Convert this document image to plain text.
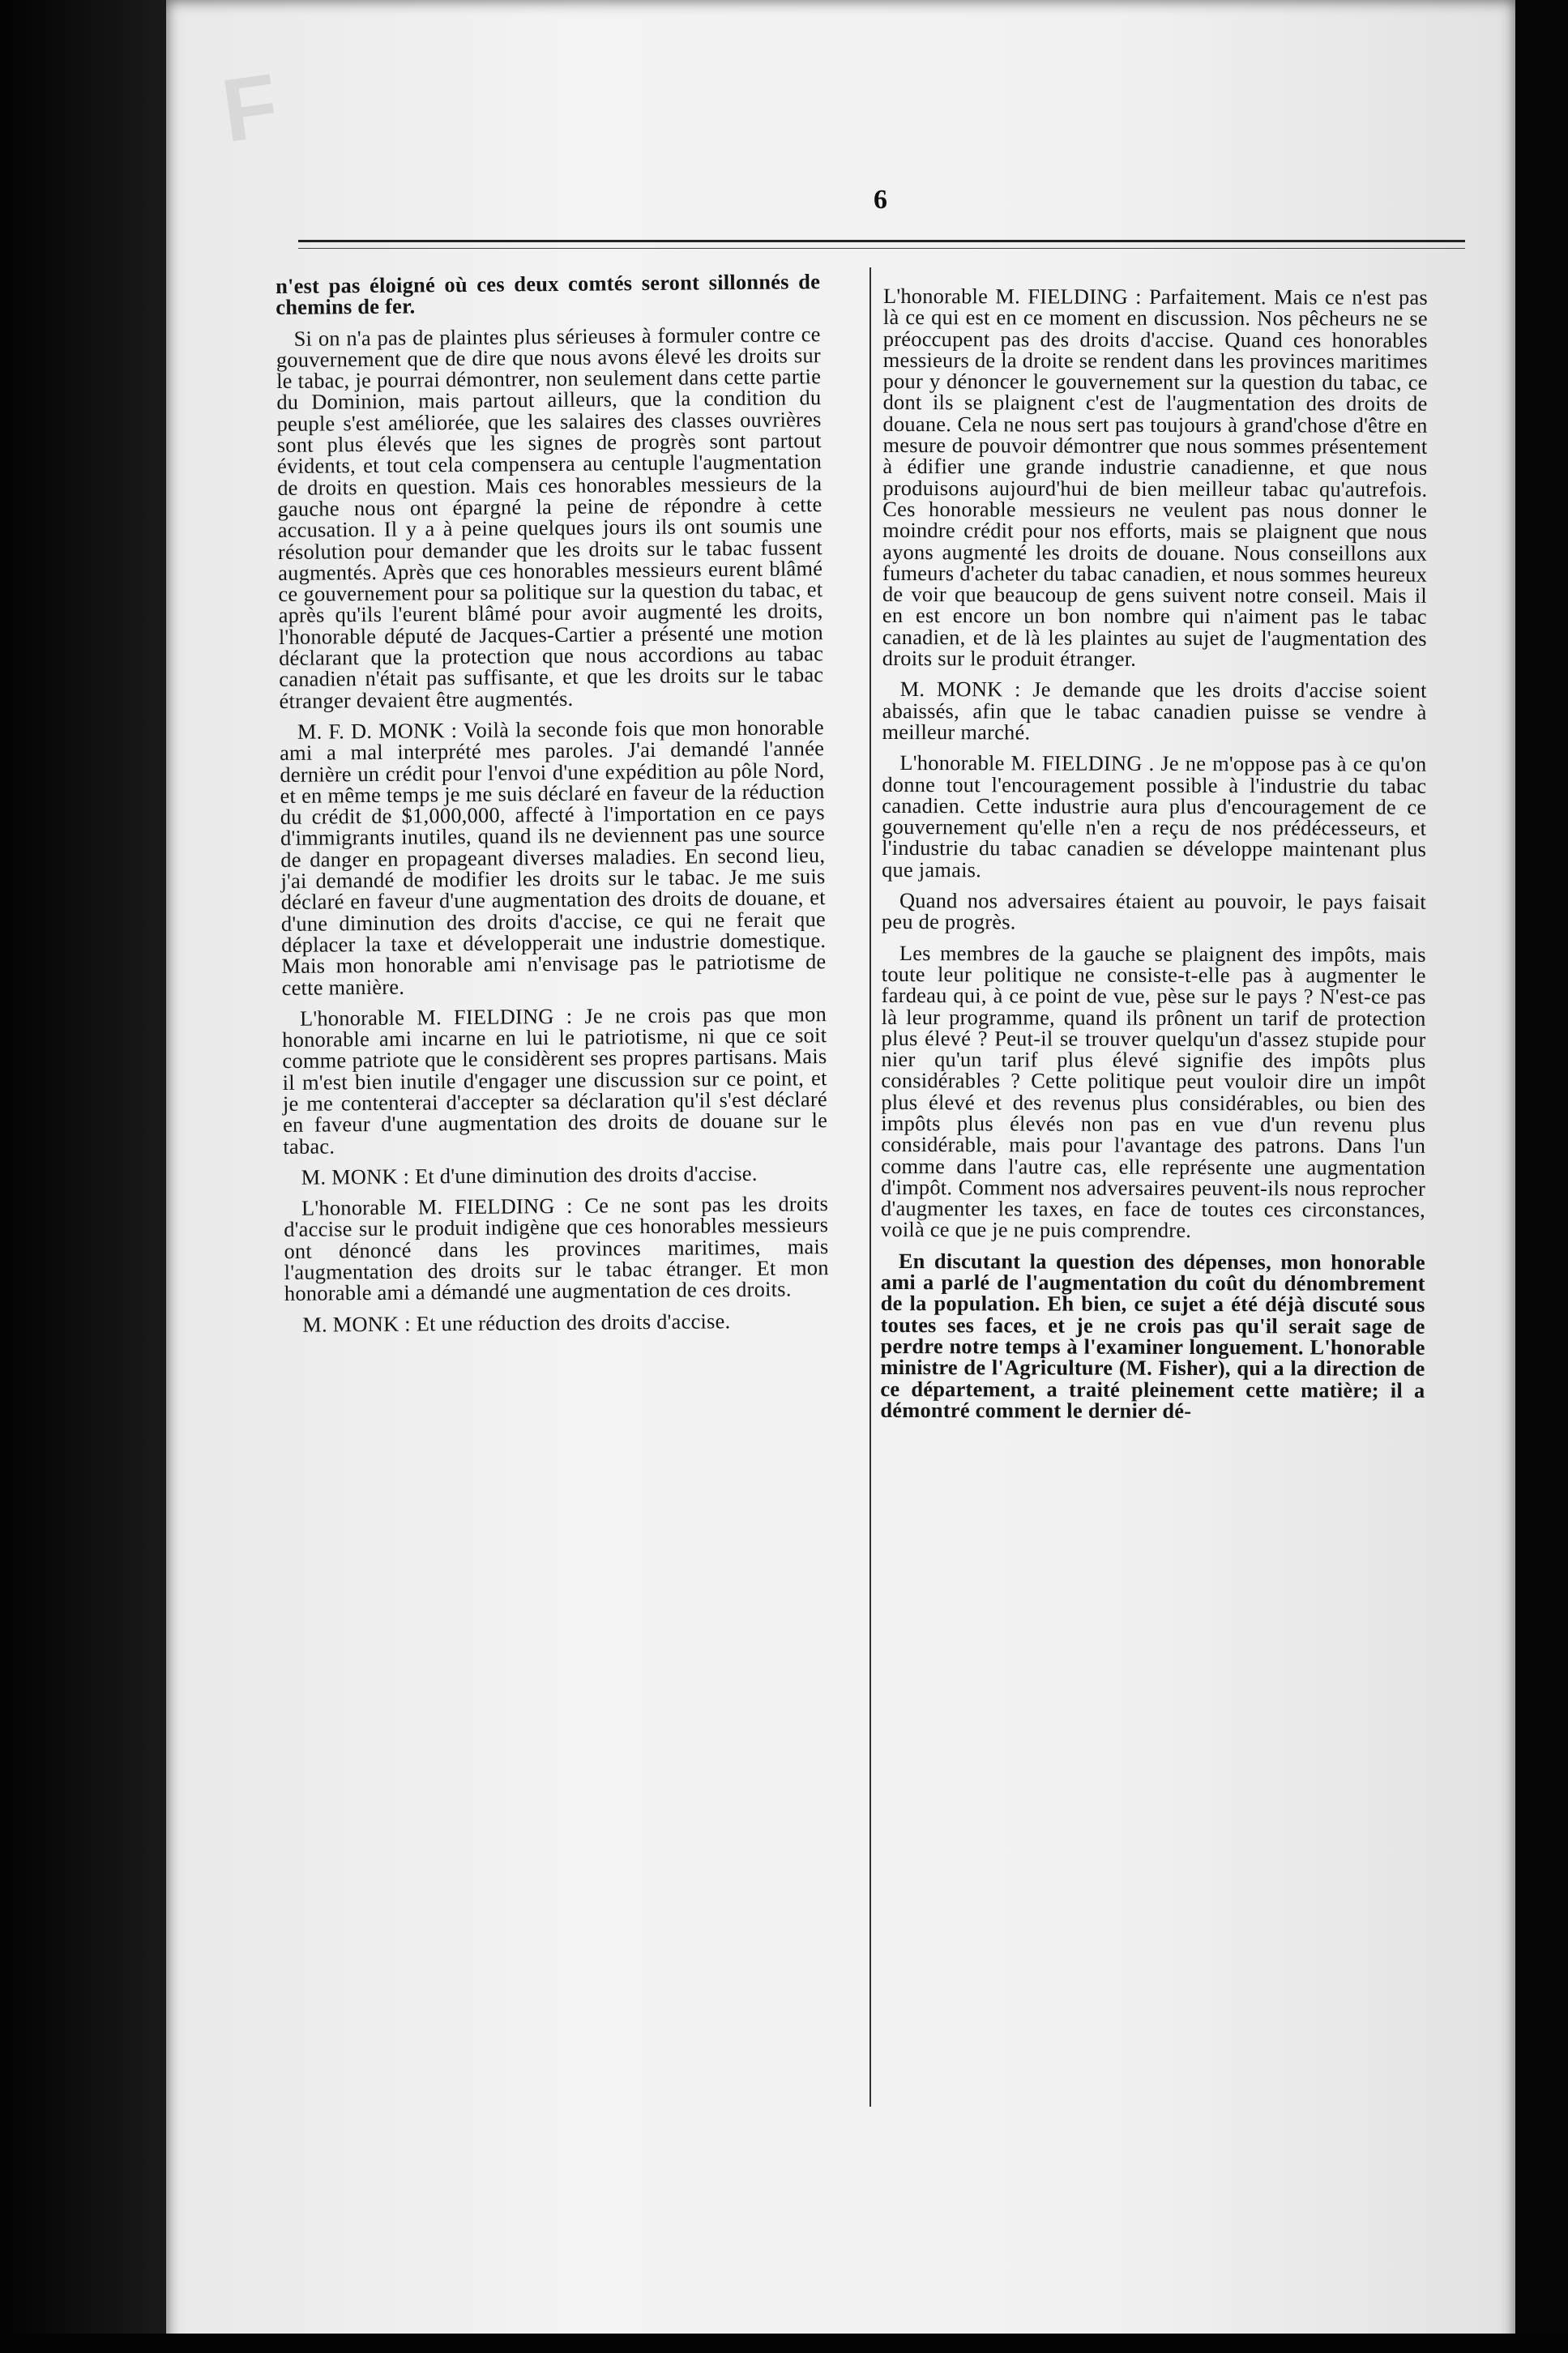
F
6

n'est pas éloigné où ces deux comtés seront sillonnés de chemins de fer.

Si on n'a pas de plaintes plus sérieuses à formuler contre ce gouvernement que de dire que nous avons élevé les droits sur le tabac, je pourrai démontrer, non seulement dans cette partie du Dominion, mais partout ailleurs, que la condition du peuple s'est améliorée, que les salaires des classes ouvrières sont plus élevés que les signes de progrès sont partout évidents, et tout cela compensera au centuple l'augmentation de droits en question. Mais ces honorables messieurs de la gauche nous ont épargné la peine de répondre à cette accusation. Il y a à peine quelques jours ils ont soumis une résolution pour demander que les droits sur le tabac fussent augmentés. Après que ces honorables messieurs eurent blâmé ce gouvernement pour sa politique sur la question du tabac, et après qu'ils l'eurent blâmé pour avoir augmenté les droits, l'honorable député de Jacques-Cartier a présenté une motion déclarant que la protection que nous accordions au tabac canadien n'était pas suffisante, et que les droits sur le tabac étranger devaient être augmentés.

M. F. D. MONK : Voilà la seconde fois que mon honorable ami a mal interprété mes paroles. J'ai demandé l'année dernière un crédit pour l'envoi d'une expédition au pôle Nord, et en même temps je me suis déclaré en faveur de la réduction du crédit de $1,000,000, affecté à l'importation en ce pays d'immigrants inutiles, quand ils ne deviennent pas une source de danger en propageant diverses maladies. En second lieu, j'ai demandé de modifier les droits sur le tabac. Je me suis déclaré en faveur d'une augmentation des droits de douane, et d'une diminution des droits d'accise, ce qui ne ferait que déplacer la taxe et développerait une industrie domestique. Mais mon honorable ami n'envisage pas le patriotisme de cette manière.

L'honorable M. FIELDING : Je ne crois pas que mon honorable ami incarne en lui le patriotisme, ni que ce soit comme patriote que le considèrent ses propres partisans. Mais il m'est bien inutile d'engager une discussion sur ce point, et je me contenterai d'accepter sa déclaration qu'il s'est déclaré en faveur d'une augmentation des droits de douane sur le tabac.

M. MONK : Et d'une diminution des droits d'accise.

L'honorable M. FIELDING : Ce ne sont pas les droits d'accise sur le produit indigène que ces honorables messieurs ont dénoncé dans les provinces maritimes, mais l'augmentation des droits sur le tabac étranger. Et mon honorable ami a démandé une augmentation de ces droits.

M. MONK : Et une réduction des droits d'accise.

L'honorable M. FIELDING : Parfaitement. Mais ce n'est pas là ce qui est en ce moment en discussion. Nos pêcheurs ne se préoccupent pas des droits d'accise. Quand ces honorables messieurs de la droite se rendent dans les provinces maritimes pour y dénoncer le gouvernement sur la question du tabac, ce dont ils se plaignent c'est de l'augmentation des droits de douane. Cela ne nous sert pas toujours à grand'chose d'être en mesure de pouvoir démontrer que nous sommes présentement à édifier une grande industrie canadienne, et que nous produisons aujourd'hui de bien meilleur tabac qu'autrefois. Ces honorable messieurs ne veulent pas nous donner le moindre crédit pour nos efforts, mais se plaignent que nous ayons augmenté les droits de douane. Nous conseillons aux fumeurs d'acheter du tabac canadien, et nous sommes heureux de voir que beaucoup de gens suivent notre conseil. Mais il en est encore un bon nombre qui n'aiment pas le tabac canadien, et de là les plaintes au sujet de l'augmentation des droits sur le produit étranger.

M. MONK : Je demande que les droits d'accise soient abaissés, afin que le tabac canadien puisse se vendre à meilleur marché.

L'honorable M. FIELDING . Je ne m'oppose pas à ce qu'on donne tout l'encouragement possible à l'industrie du tabac canadien. Cette industrie aura plus d'encouragement de ce gouvernement qu'elle n'en a reçu de nos prédécesseurs, et l'industrie du tabac canadien se développe maintenant plus que jamais.

Quand nos adversaires étaient au pouvoir, le pays faisait peu de progrès.

Les membres de la gauche se plaignent des impôts, mais toute leur politique ne consiste-t-elle pas à augmenter le fardeau qui, à ce point de vue, pèse sur le pays ? N'est-ce pas là leur programme, quand ils prônent un tarif de protection plus élevé ? Peut-il se trouver quelqu'un d'assez stupide pour nier qu'un tarif plus élevé signifie des impôts plus considérables ? Cette politique peut vouloir dire un impôt plus élevé et des revenus plus considérables, ou bien des impôts plus élevés non pas en vue d'un revenu plus considérable, mais pour l'avantage des patrons. Dans l'un comme dans l'autre cas, elle représente une augmentation d'impôt. Comment nos adversaires peuvent-ils nous reprocher d'augmenter les taxes, en face de toutes ces circonstances, voilà ce que je ne puis comprendre.

En discutant la question des dépenses, mon honorable ami a parlé de l'augmentation du coût du dénombrement de la population. Eh bien, ce sujet a été déjà discuté sous toutes ses faces, et je ne crois pas qu'il serait sage de perdre notre temps à l'examiner longuement. L'honorable ministre de l'Agriculture (M. Fisher), qui a la direction de ce département, a traité pleinement cette matière; il a démontré comment le dernier dé-
